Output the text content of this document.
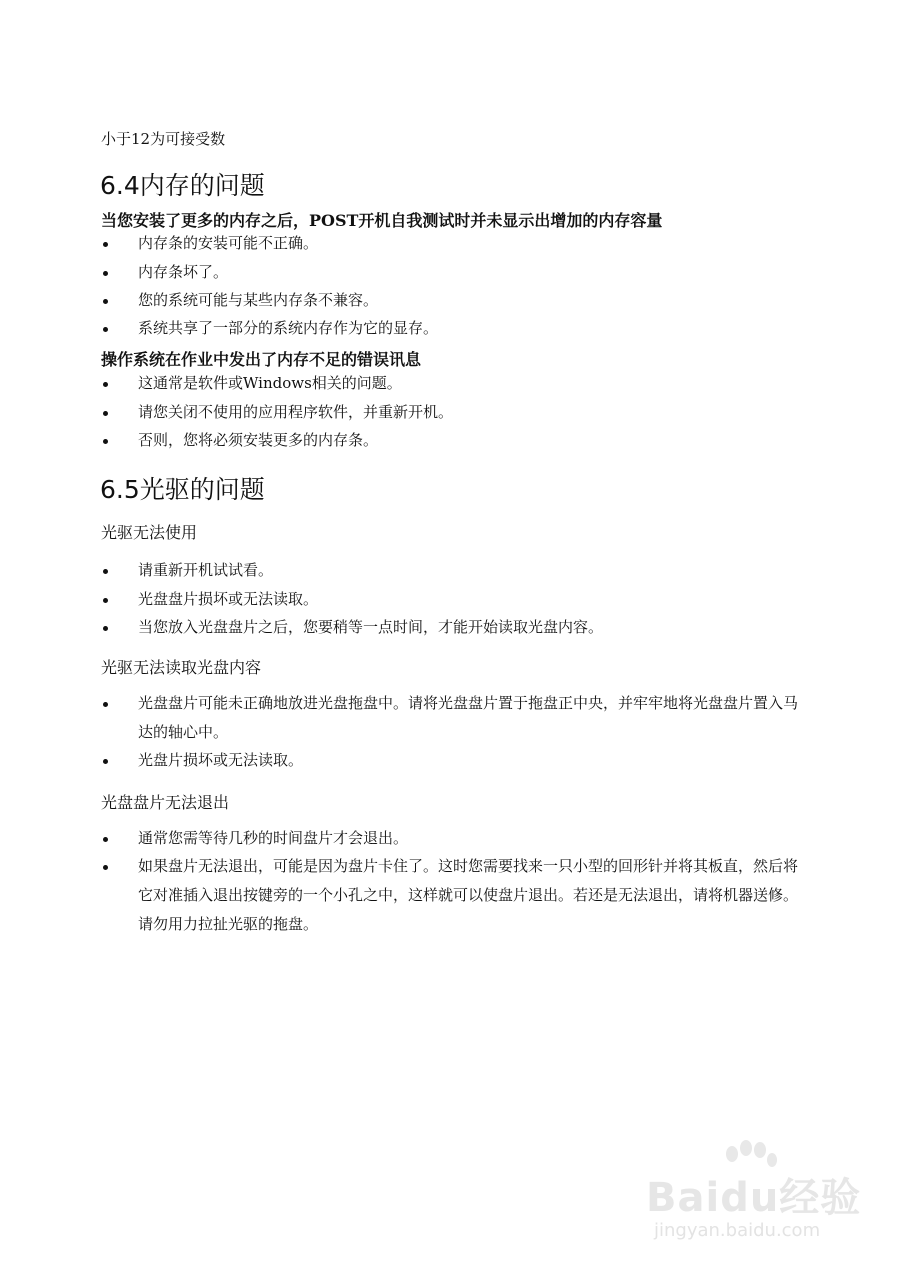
小于12为可接受数
6.4内存的问题
当您安装了更多的内存之后，POST开机自我测试时并未显示出增加的内存容量
内存条的安装可能不正确。
内存条坏了。
您的系统可能与某些内存条不兼容。
系统共享了一部分的系统内存作为它的显存。
操作系统在作业中发出了内存不足的错误讯息
这通常是软件或Windows相关的问题。
请您关闭不使用的应用程序软件，并重新开机。
否则，您将必须安装更多的内存条。
6.5光驱的问题
光驱无法使用
请重新开机试试看。
光盘盘片损坏或无法读取。
当您放入光盘盘片之后，您要稍等一点时间，才能开始读取光盘内容。
光驱无法读取光盘内容
光盘盘片可能未正确地放进光盘拖盘中。请将光盘盘片置于拖盘正中央，并牢牢地将光盘盘片置入马达的轴心中。
光盘片损坏或无法读取。
光盘盘片无法退出
通常您需等待几秒的时间盘片才会退出。
如果盘片无法退出，可能是因为盘片卡住了。这时您需要找来一只小型的回形针并将其板直，然后将它对准插入退出按键旁的一个小孔之中，这样就可以使盘片退出。若还是无法退出，请将机器送修。请勿用力拉扯光驱的拖盘。
Baidu经验
jingyan.baidu.com
